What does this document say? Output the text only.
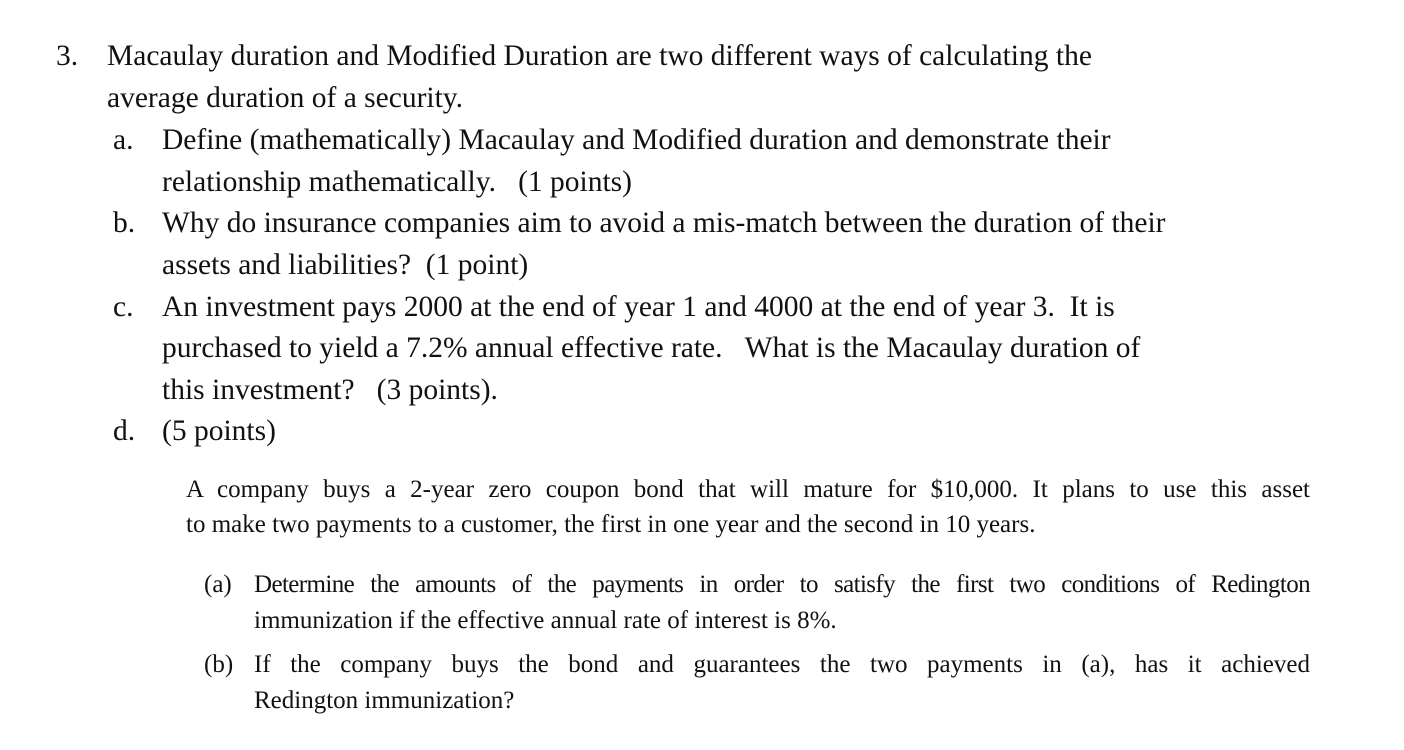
3. Macaulay duration and Modified Duration are two different ways of calculating the
average duration of a security.
a. Define (mathematically) Macaulay and Modified duration and demonstrate their
relationship mathematically.   (1 points)
b. Why do insurance companies aim to avoid a mis-match between the duration of their
assets and liabilities?  (1 point)
c. An investment pays 2000 at the end of year 1 and 4000 at the end of year 3.  It is
purchased to yield a 7.2% annual effective rate.   What is the Macaulay duration of
this investment?   (3 points).
d. (5 points)
A company buys a 2-year zero coupon bond that will mature for $10,000. It plans to use this asset
to make two payments to a customer, the first in one year and the second in 10 years.
(a) Determine the amounts of the payments in order to satisfy the first two conditions of Redington
immunization if the effective annual rate of interest is 8%.
(b) If the company buys the bond and guarantees the two payments in (a), has it achieved
Redington immunization?
